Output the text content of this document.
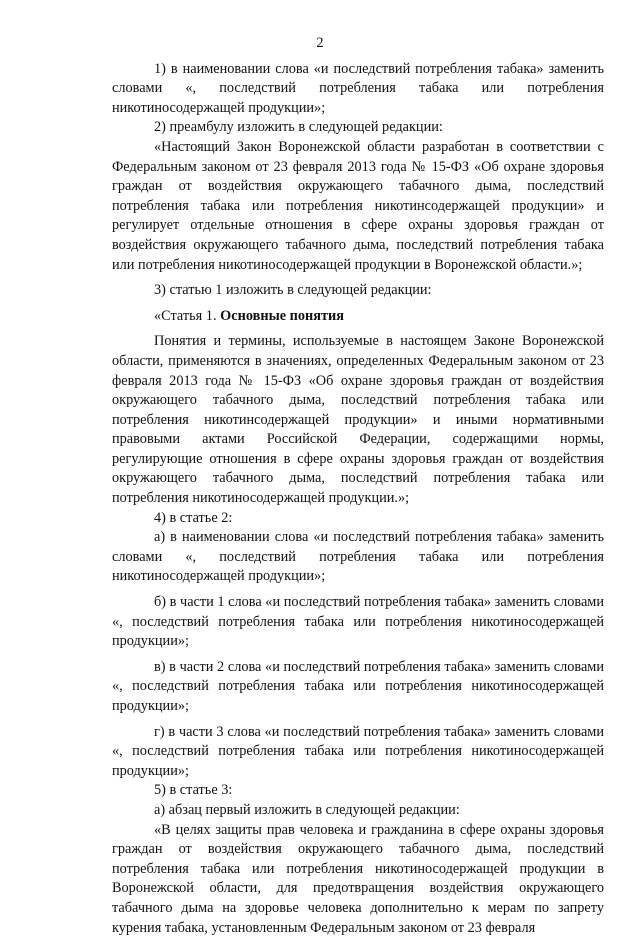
2

1) в наименовании слова «и последствий потребления табака» заменить словами «, последствий потребления табака или потребления никотиносодержащей продукции»;

2) преамбулу изложить в следующей редакции:

«Настоящий Закон Воронежской области разработан в соответствии с Федеральным законом от 23 февраля 2013 года № 15-ФЗ «Об охране здоровья граждан от воздействия окружающего табачного дыма, последствий потребления табака или потребления никотинсодержащей продукции» и регулирует отдельные отношения в сфере охраны здоровья граждан от воздействия окружающего табачного дыма, последствий потребления табака или потребления никотиносодержащей продукции в Воронежской области.»;

3) статью 1 изложить в следующей редакции:

«Статья 1. Основные понятия

Понятия и термины, используемые в настоящем Законе Воронежской области, применяются в значениях, определенных Федеральным законом от 23 февраля 2013 года № 15-ФЗ «Об охране здоровья граждан от воздействия окружающего табачного дыма, последствий потребления табака или потребления никотинсодержащей продукции» и иными нормативными правовыми актами Российской Федерации, содержащими нормы, регулирующие отношения в сфере охраны здоровья граждан от воздействия окружающего табачного дыма, последствий потребления табака или потребления никотиносодержащей продукции.»;

4) в статье 2:

а) в наименовании слова «и последствий потребления табака» заменить словами «, последствий потребления табака или потребления никотиносодержащей продукции»;

б) в части 1 слова «и последствий потребления табака» заменить словами «, последствий потребления табака или потребления никотиносодержащей продукции»;

в) в части 2 слова «и последствий потребления табака» заменить словами «, последствий потребления табака или потребления никотиносодержащей продукции»;

г) в части 3 слова «и последствий потребления табака» заменить словами «, последствий потребления табака или потребления никотиносодержащей продукции»;

5) в статье 3:

а) абзац первый изложить в следующей редакции:

«В целях защиты прав человека и гражданина в сфере охраны здоровья граждан от воздействия окружающего табачного дыма, последствий потребления табака или потребления никотиносодержащей продукции в Воронежской области, для предотвращения воздействия окружающего табачного дыма на здоровье человека дополнительно к мерам по запрету курения табака, установленным Федеральным законом от 23 февраля
